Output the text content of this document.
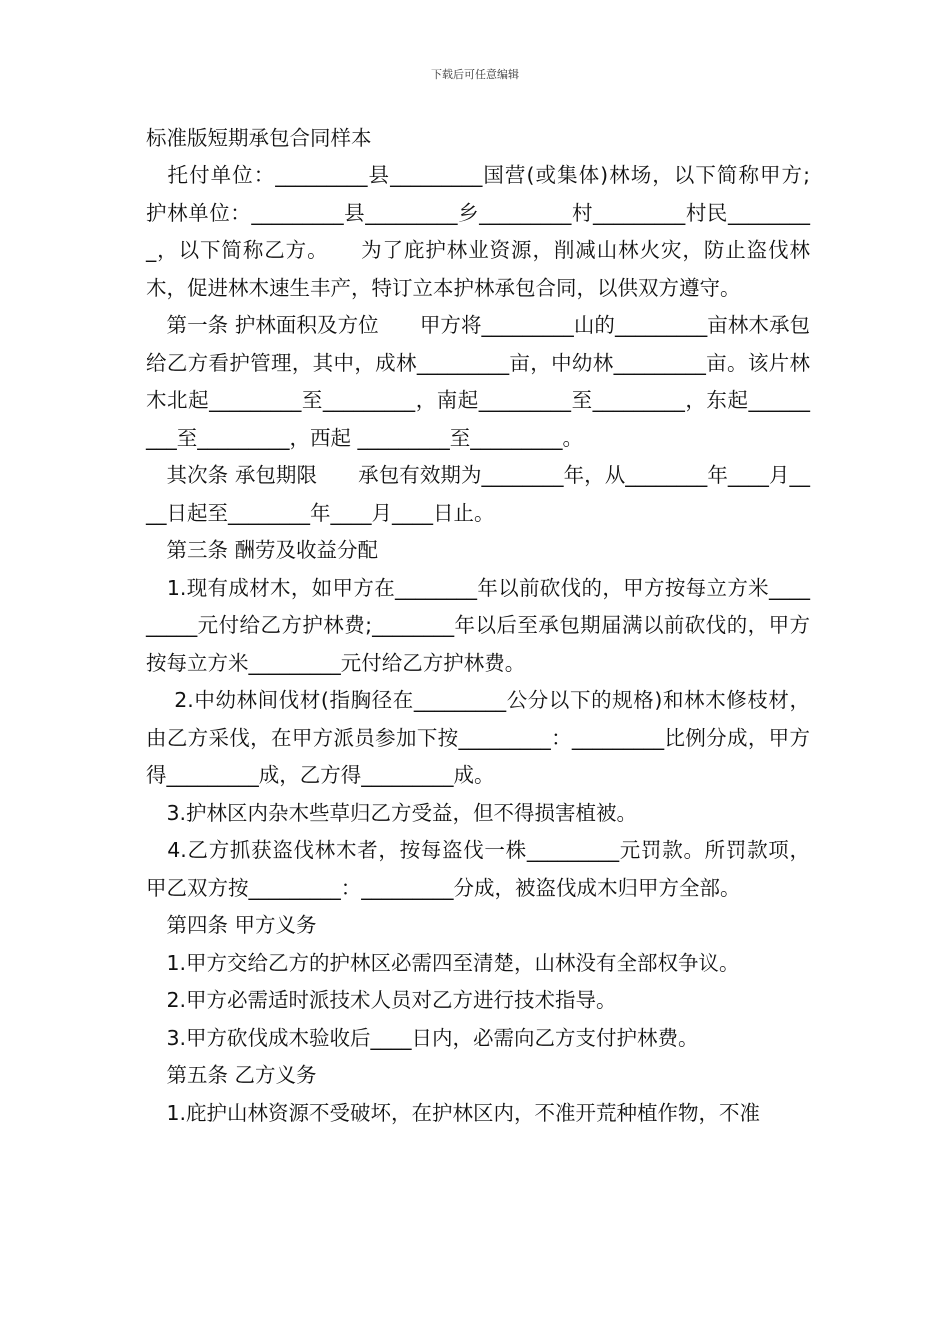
下载后可任意编辑
标准版短期承包合同样本

　托付单位：_________县_________国营(或集体)林场，以下简称甲方;　　护林单位：_________县_________乡_________村_________村民_________，以下简称乙方。　　为了庇护林业资源，削减山林火灾，防止盗伐林木，促进林木速生丰产，特订立本护林承包合同，以供双方遵守。

　第一条 护林面积及方位　　甲方将_________山的_________亩林木承包给乙方看护管理，其中，成林_________亩，中幼林_________亩。该片林木北起_________至_________，南起_________至_________，东起_________至_________，西起 _________至_________。

　其次条 承包期限　　承包有效期为________年，从________年____月____日起至________年____月____日止。

　第三条 酬劳及收益分配

　1.现有成材木，如甲方在________年以前砍伐的，甲方按每立方米_________元付给乙方护林费;________年以后至承包期届满以前砍伐的，甲方按每立方米_________元付给乙方护林费。

　 2.中幼林间伐材(指胸径在_________公分以下的规格)和林木修枝材，由乙方采伐，在甲方派员参加下按_________：_________比例分成，甲方得_________成，乙方得_________成。

　3.护林区内杂木些草归乙方受益，但不得损害植被。

　4.乙方抓获盗伐林木者，按每盗伐一株_________元罚款。所罚款项，甲乙双方按_________：_________分成，被盗伐成木归甲方全部。

　第四条 甲方义务

　1.甲方交给乙方的护林区必需四至清楚，山林没有全部权争议。

　2.甲方必需适时派技术人员对乙方进行技术指导。

　3.甲方砍伐成木验收后____日内，必需向乙方支付护林费。

　第五条 乙方义务

　1.庇护山林资源不受破坏，在护林区内，不准开荒种植作物，不准
